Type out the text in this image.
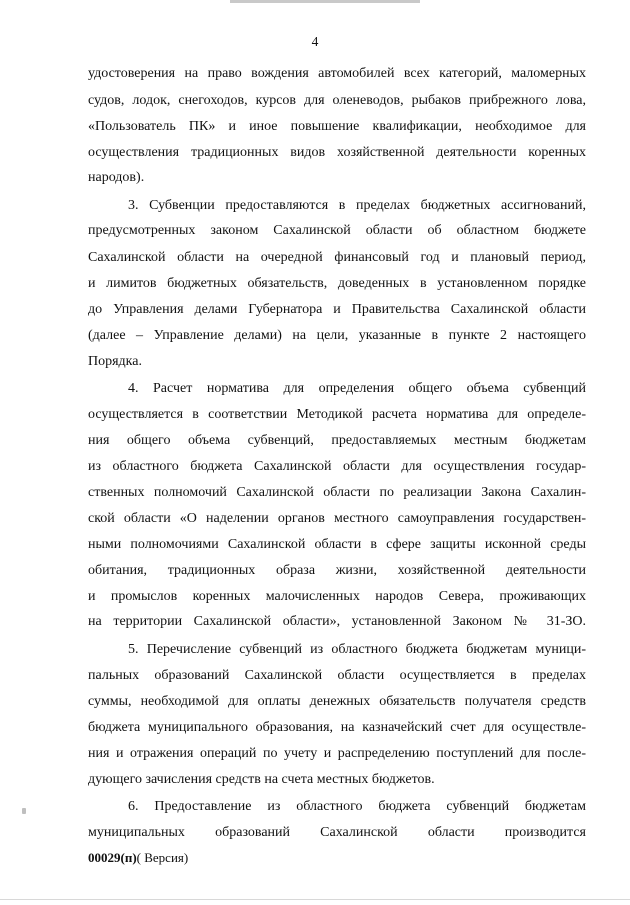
4
удостоверения на право вождения автомобилей всех категорий, маломерных
судов, лодок, снегоходов, курсов для оленеводов, рыбаков прибрежного лова,
«Пользователь ПК» и иное повышение квалификации, необходимое для
осуществления традиционных видов хозяйственной деятельности коренных
народов).
3. Субвенции предоставляются в пределах бюджетных ассигнований,
предусмотренных законом Сахалинской области об областном бюджете
Сахалинской области на очередной финансовый год и плановый период,
и лимитов бюджетных обязательств, доведенных в установленном порядке
до Управления делами Губернатора и Правительства Сахалинской области
(далее – Управление делами) на цели, указанные в пункте 2 настоящего
Порядка.
4. Расчет норматива для определения общего объема субвенций
осуществляется в соответствии Методикой расчета норматива для определе-
ния общего объема субвенций, предоставляемых местным бюджетам
из областного бюджета Сахалинской области для осуществления государ-
ственных полномочий Сахалинской области по реализации Закона Сахалин-
ской области «О наделении органов местного самоуправления государствен-
ными полномочиями Сахалинской области в сфере защиты исконной среды
обитания, традиционных образа жизни, хозяйственной деятельности
и промыслов коренных малочисленных народов Севера, проживающих
на территории Сахалинской области», установленной Законом № 31-ЗО.
5. Перечисление субвенций из областного бюджета бюджетам муници-
пальных образований Сахалинской области осуществляется в пределах
суммы, необходимой для оплаты денежных обязательств получателя средств
бюджета муниципального образования, на казначейский счет для осуществле-
ния и отражения операций по учету и распределению поступлений для после-
дующего зачисления средств на счета местных бюджетов.
6. Предоставление из областного бюджета субвенций бюджетам
муниципальных образований Сахалинской области производится
00029(п)( Версия)
